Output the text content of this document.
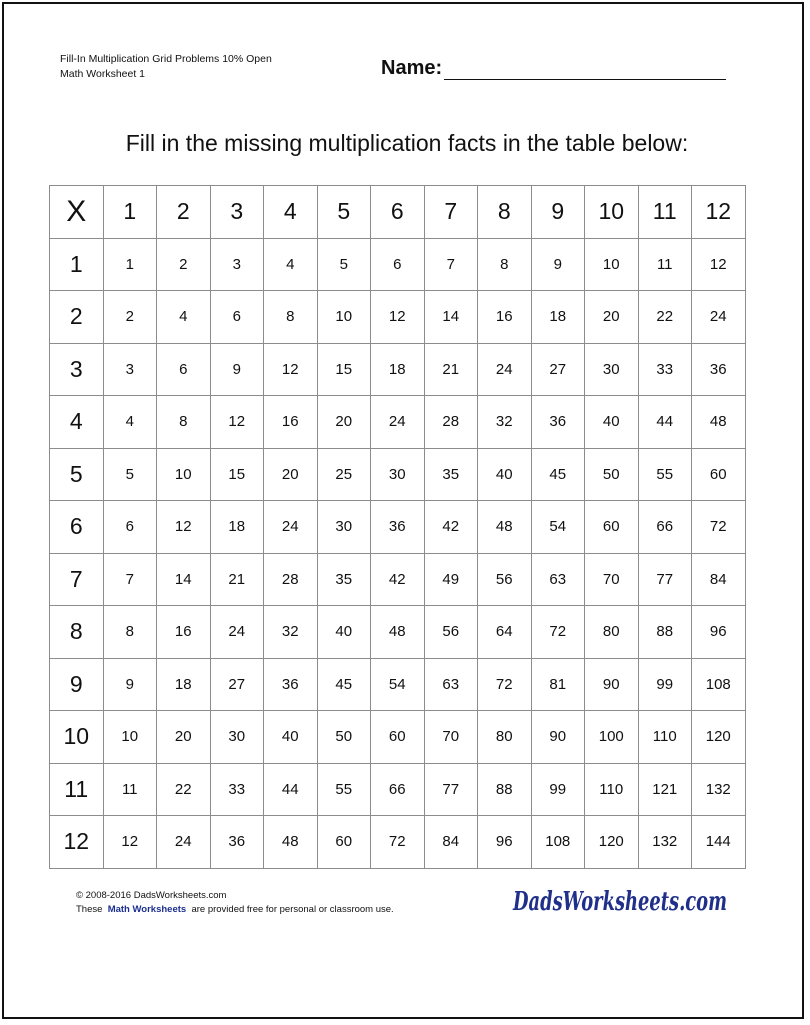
Fill-In Multiplication Grid Problems 10% Open
Math Worksheet 1	Name:
Fill in the missing multiplication facts in the table below:
X	1	2	3	4	5	6	7	8	9	10	11	12
1	1	2	3	4	5	6	7	8	9	10	11	12
2	2	4	6	8	10	12	14	16	18	20	22	24
3	3	6	9	12	15	18	21	24	27	30	33	36
4	4	8	12	16	20	24	28	32	36	40	44	48
5	5	10	15	20	25	30	35	40	45	50	55	60
6	6	12	18	24	30	36	42	48	54	60	66	72
7	7	14	21	28	35	42	49	56	63	70	77	84
8	8	16	24	32	40	48	56	64	72	80	88	96
9	9	18	27	36	45	54	63	72	81	90	99	108
10	10	20	30	40	50	60	70	80	90	100	110	120
11	11	22	33	44	55	66	77	88	99	110	121	132
12	12	24	36	48	60	72	84	96	108	120	132	144
© 2008-2016 DadsWorksheets.com
These Math Worksheets are provided free for personal or classroom use.	DadsWorksheets.com
